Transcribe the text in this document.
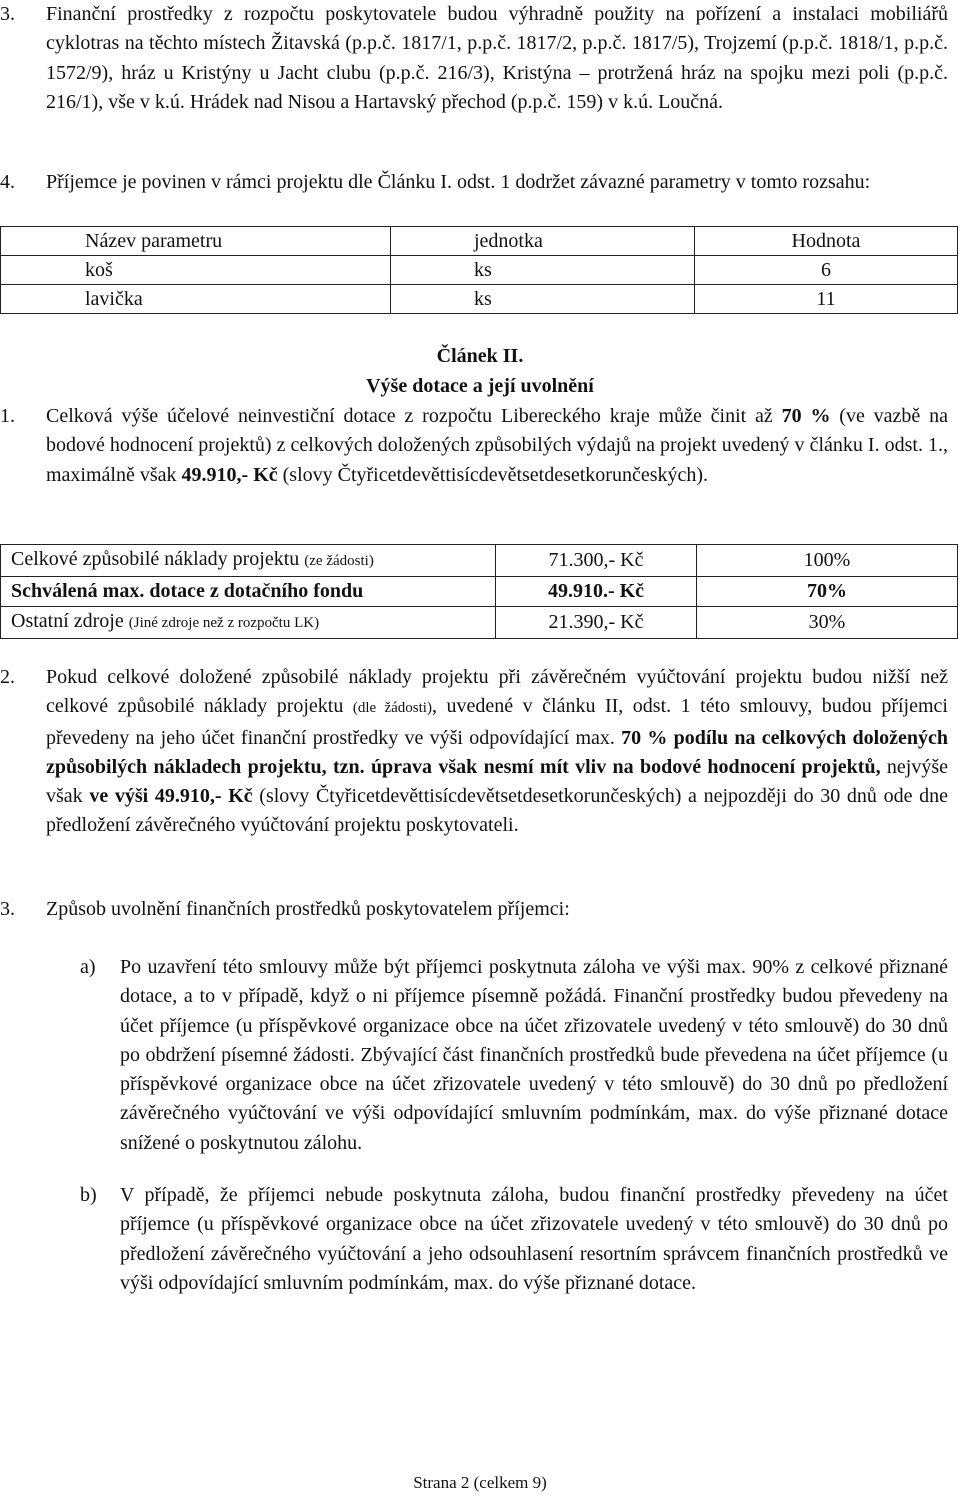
3. Finanční prostředky z rozpočtu poskytovatele budou výhradně použity na pořízení a instalaci mobiliářů cyklotras na těchto místech Žitavská (p.p.č. 1817/1, p.p.č. 1817/2, p.p.č. 1817/5), Trojzemí (p.p.č. 1818/1, p.p.č. 1572/9), hráz u Kristýny u Jacht clubu (p.p.č. 216/3), Kristýna – protržená hráz na spojku mezi poli (p.p.č. 216/1), vše v k.ú. Hrádek nad Nisou a Hartavský přechod (p.p.č. 159) v k.ú. Loučná.

4. Příjemce je povinen v rámci projektu dle Článku I. odst. 1 dodržet závazné parametry v tomto rozsahu:

Název parametru	jednotka	Hodnota
koš	ks	6
lavička	ks	11
Článek II.
Výše dotace a její uvolnění
1. Celková výše účelové neinvestiční dotace z rozpočtu Libereckého kraje může činit až 70 % (ve vazbě na bodové hodnocení projektů) z celkových doložených způsobilých výdajů na projekt uvedený v článku I. odst. 1., maximálně však 49.910,- Kč (slovy Čtyřicetdevěttisícdevětsetdesetkorunčeských).

Celkové způsobilé náklady projektu (ze žádosti)	71.300,- Kč	100%
Schválená max. dotace z dotačního fondu	49.910.- Kč	70%
Ostatní zdroje (Jiné zdroje než z rozpočtu LK)	21.390,- Kč	30%
2. Pokud celkové doložené způsobilé náklady projektu při závěrečném vyúčtování projektu budou nižší než celkové způsobilé náklady projektu (dle žádosti), uvedené v článku II, odst. 1 této smlouvy, budou příjemci převedeny na jeho účet finanční prostředky ve výši odpovídající max. 70 % podílu na celkových doložených způsobilých nákladech projektu, tzn. úprava však nesmí mít vliv na bodové hodnocení projektů, nejvýše však ve výši 49.910,- Kč (slovy Čtyřicetdevěttisícdevětsetdesetkorunčeských) a nejpozději do 30 dnů ode dne předložení závěrečného vyúčtování projektu poskytovateli.

3. Způsob uvolnění finančních prostředků poskytovatelem příjemci:

a) Po uzavření této smlouvy může být příjemci poskytnuta záloha ve výši max. 90% z celkové přiznané dotace, a to v případě, když o ni příjemce písemně požádá. Finanční prostředky budou převedeny na účet příjemce (u příspěvkové organizace obce na účet zřizovatele uvedený v této smlouvě) do 30 dnů po obdržení písemné žádosti. Zbývající část finančních prostředků bude převedena na účet příjemce (u příspěvkové organizace obce na účet zřizovatele uvedený v této smlouvě) do 30 dnů po předložení závěrečného vyúčtování ve výši odpovídající smluvním podmínkám, max. do výše přiznané dotace snížené o poskytnutou zálohu.

b) V případě, že příjemci nebude poskytnuta záloha, budou finanční prostředky převedeny na účet příjemce (u příspěvkové organizace obce na účet zřizovatele uvedený v této smlouvě) do 30 dnů po předložení závěrečného vyúčtování a jeho odsouhlasení resortním správcem finančních prostředků ve výši odpovídající smluvním podmínkám, max. do výše přiznané dotace.

Strana 2 (celkem 9)
